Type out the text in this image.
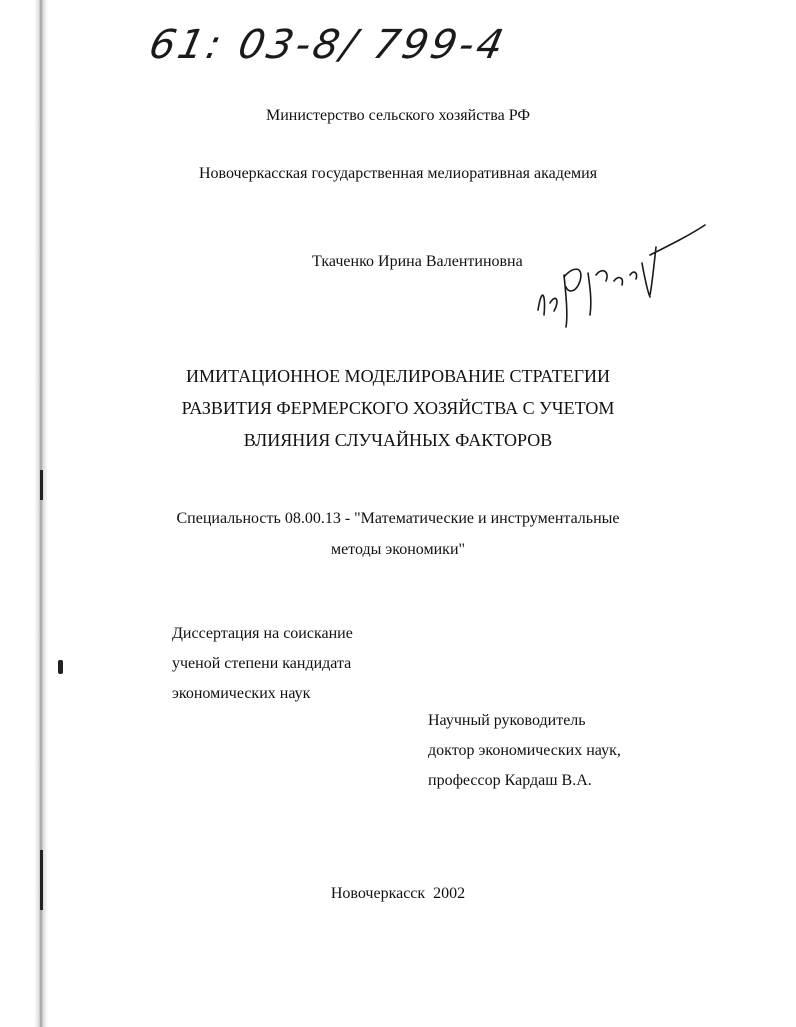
61: 03-8/ 799-4
Министерство сельского хозяйства РФ
Новочеркасская государственная мелиоративная академия
Ткаченко Ирина Валентиновна
ИМИТАЦИОННОЕ МОДЕЛИРОВАНИЕ СТРАТЕГИИ
РАЗВИТИЯ ФЕРМЕРСКОГО ХОЗЯЙСТВА С УЧЕТОМ
ВЛИЯНИЯ СЛУЧАЙНЫХ ФАКТОРОВ
Специальность 08.00.13 - "Математические и инструментальные
методы экономики"
Диссертация на соискание
ученой степени кандидата
экономических наук
Научный руководитель
доктор экономических наук,
профессор Кардаш В.А.
Новочеркасск  2002
